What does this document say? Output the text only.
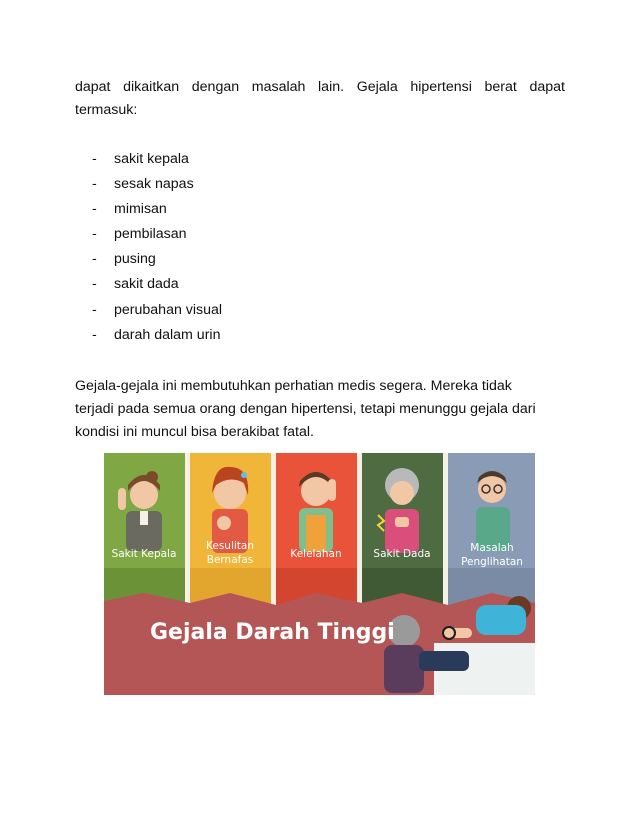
dapat dikaitkan dengan masalah lain. Gejala hipertensi berat dapat
termasuk:

-	sakit kepala
-	sesak napas
-	mimisan
-	pembilasan
-	pusing
-	sakit dada
-	perubahan visual
-	darah dalam urin

Gejala-gejala ini membutuhkan perhatian medis segera. Mereka tidak
terjadi pada semua orang dengan hipertensi, tetapi menunggu gejala dari
kondisi ini muncul bisa berakibat fatal.

Sakit Kepala
Kesulitan
Bernafas	Kelelahan	Sakit Dada	Masalah
Penglihatan
Gejala Darah Tinggi
